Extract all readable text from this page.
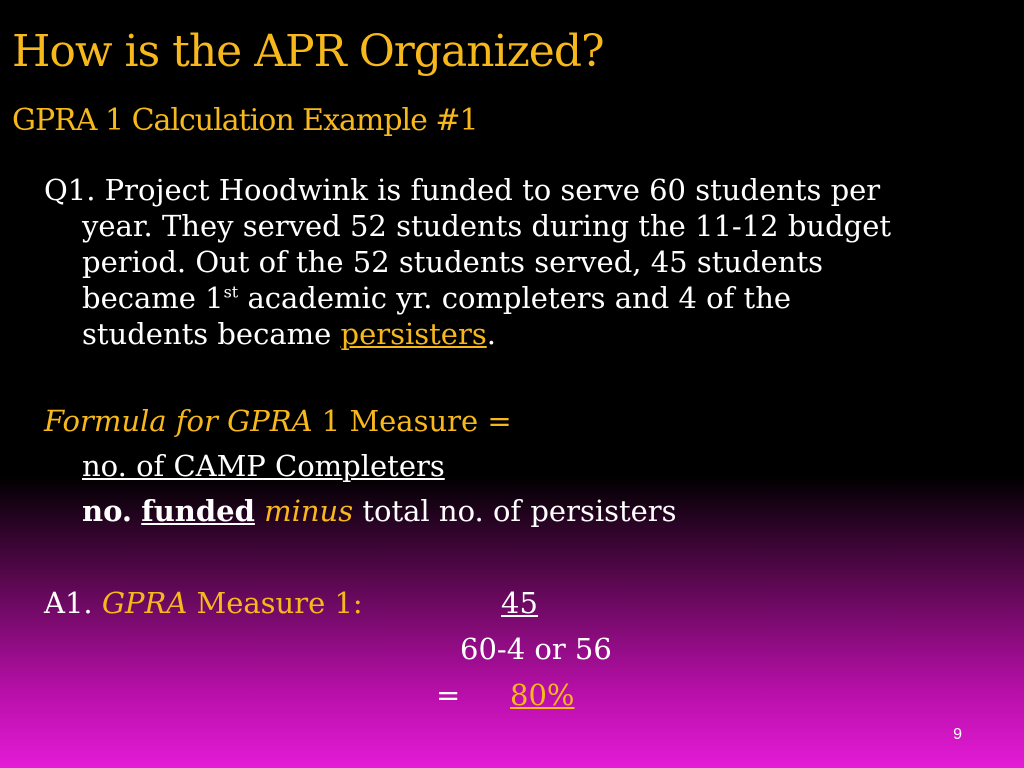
How is the APR Organized?
GPRA 1 Calculation Example #1
Q1. Project Hoodwink is funded to serve 60 students per
year. They served 52 students during the 11-12 budget
period. Out of the 52 students served, 45 students
became 1st academic yr. completers and 4 of the
students became persisters.
Formula for GPRA 1 Measure =
no. of CAMP Completers
no. funded minus total no. of persisters
A1. GPRA Measure 1:	45
60-4 or 56
= 80%
9
